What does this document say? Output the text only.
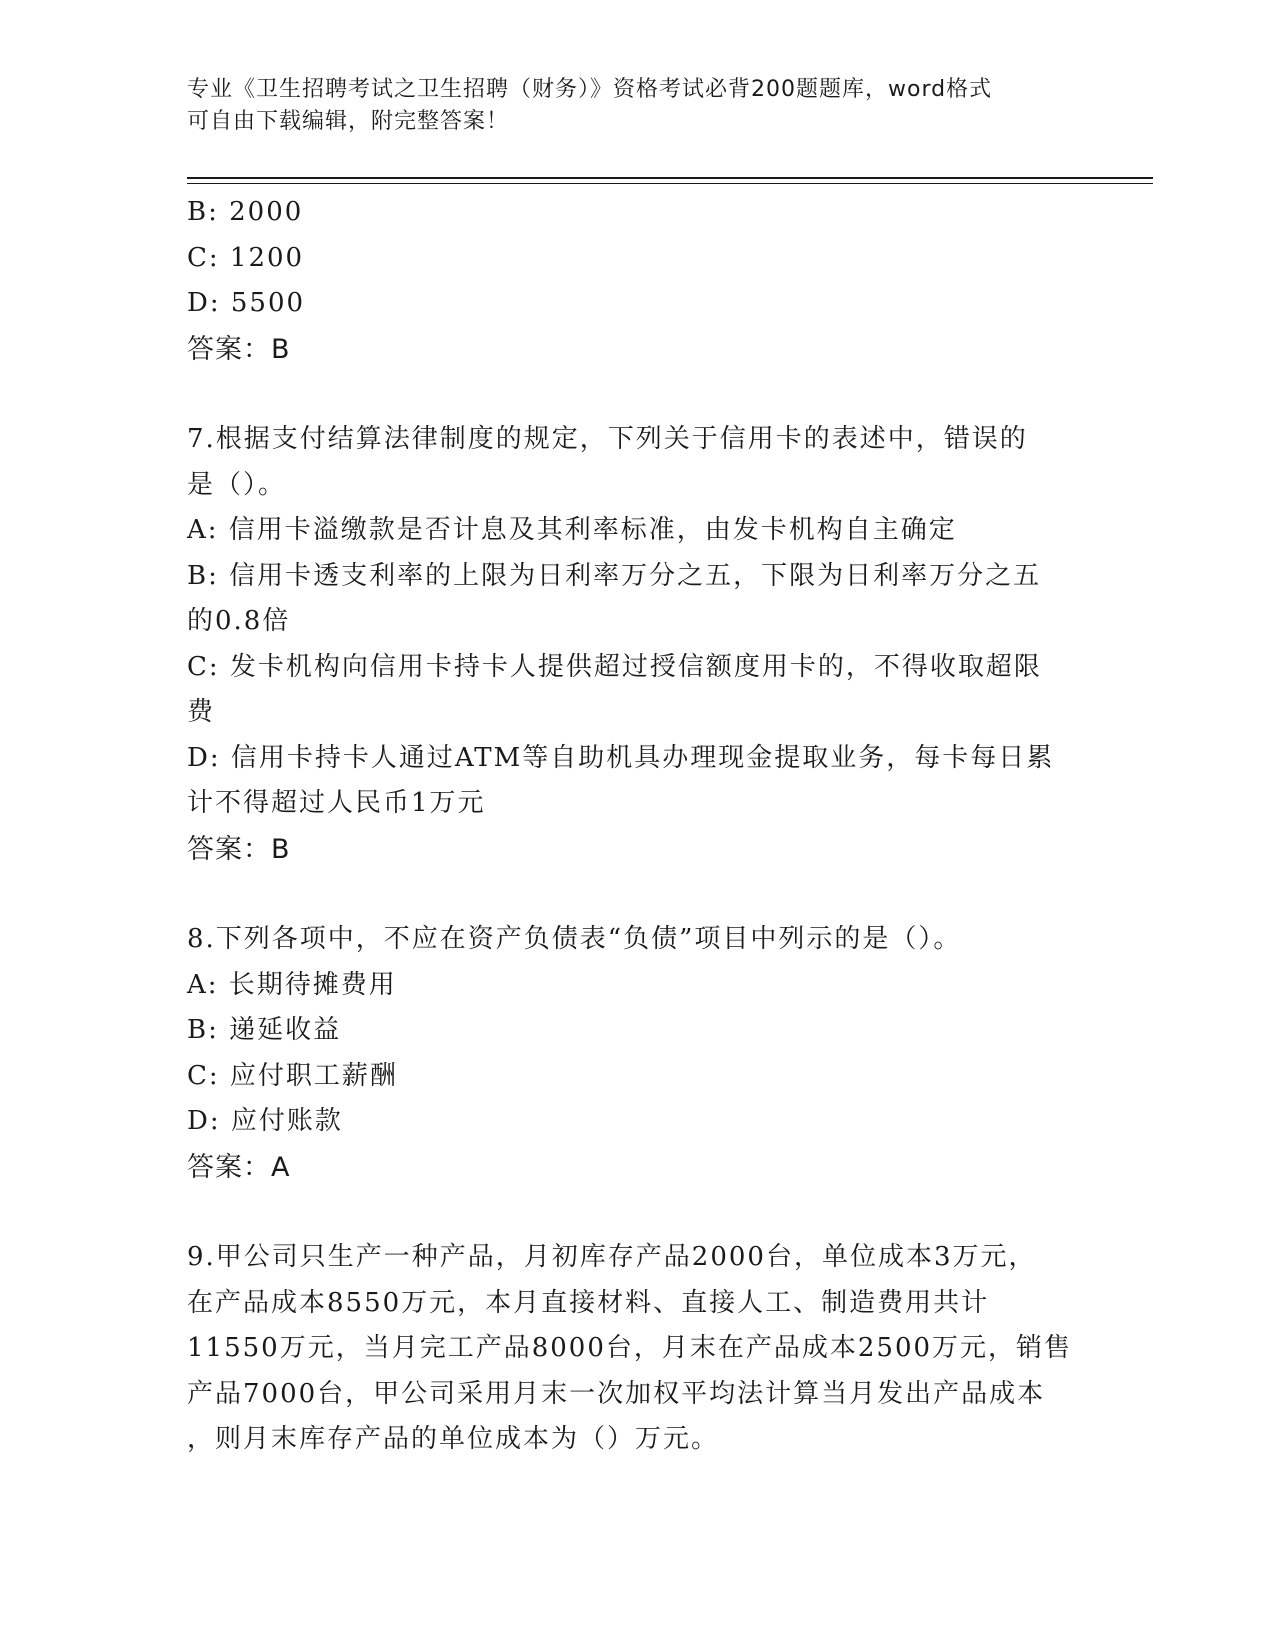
专业《卫生招聘考试之卫生招聘（财务）》资格考试必背200题题库，word格式
可自由下载编辑，附完整答案！
B: 2000
C: 1200
D: 5500
答案：B
7.根据支付结算法律制度的规定，下列关于信用卡的表述中，错误的
是（）。
A: 信用卡溢缴款是否计息及其利率标准，由发卡机构自主确定
B: 信用卡透支利率的上限为日利率万分之五，下限为日利率万分之五
的0.8倍
C: 发卡机构向信用卡持卡人提供超过授信额度用卡的，不得收取超限
费
D: 信用卡持卡人通过ATM等自助机具办理现金提取业务，每卡每日累
计不得超过人民币1万元
答案：B
8.下列各项中，不应在资产负债表“负债”项目中列示的是（）。
A: 长期待摊费用
B: 递延收益
C: 应付职工薪酬
D: 应付账款
答案：A
9.甲公司只生产一种产品，月初库存产品2000台，单位成本3万元，
在产品成本8550万元，本月直接材料、直接人工、制造费用共计
11550万元，当月完工产品8000台，月末在产品成本2500万元，销售
产品7000台，甲公司采用月末一次加权平均法计算当月发出产品成本
，则月末库存产品的单位成本为（）万元。
